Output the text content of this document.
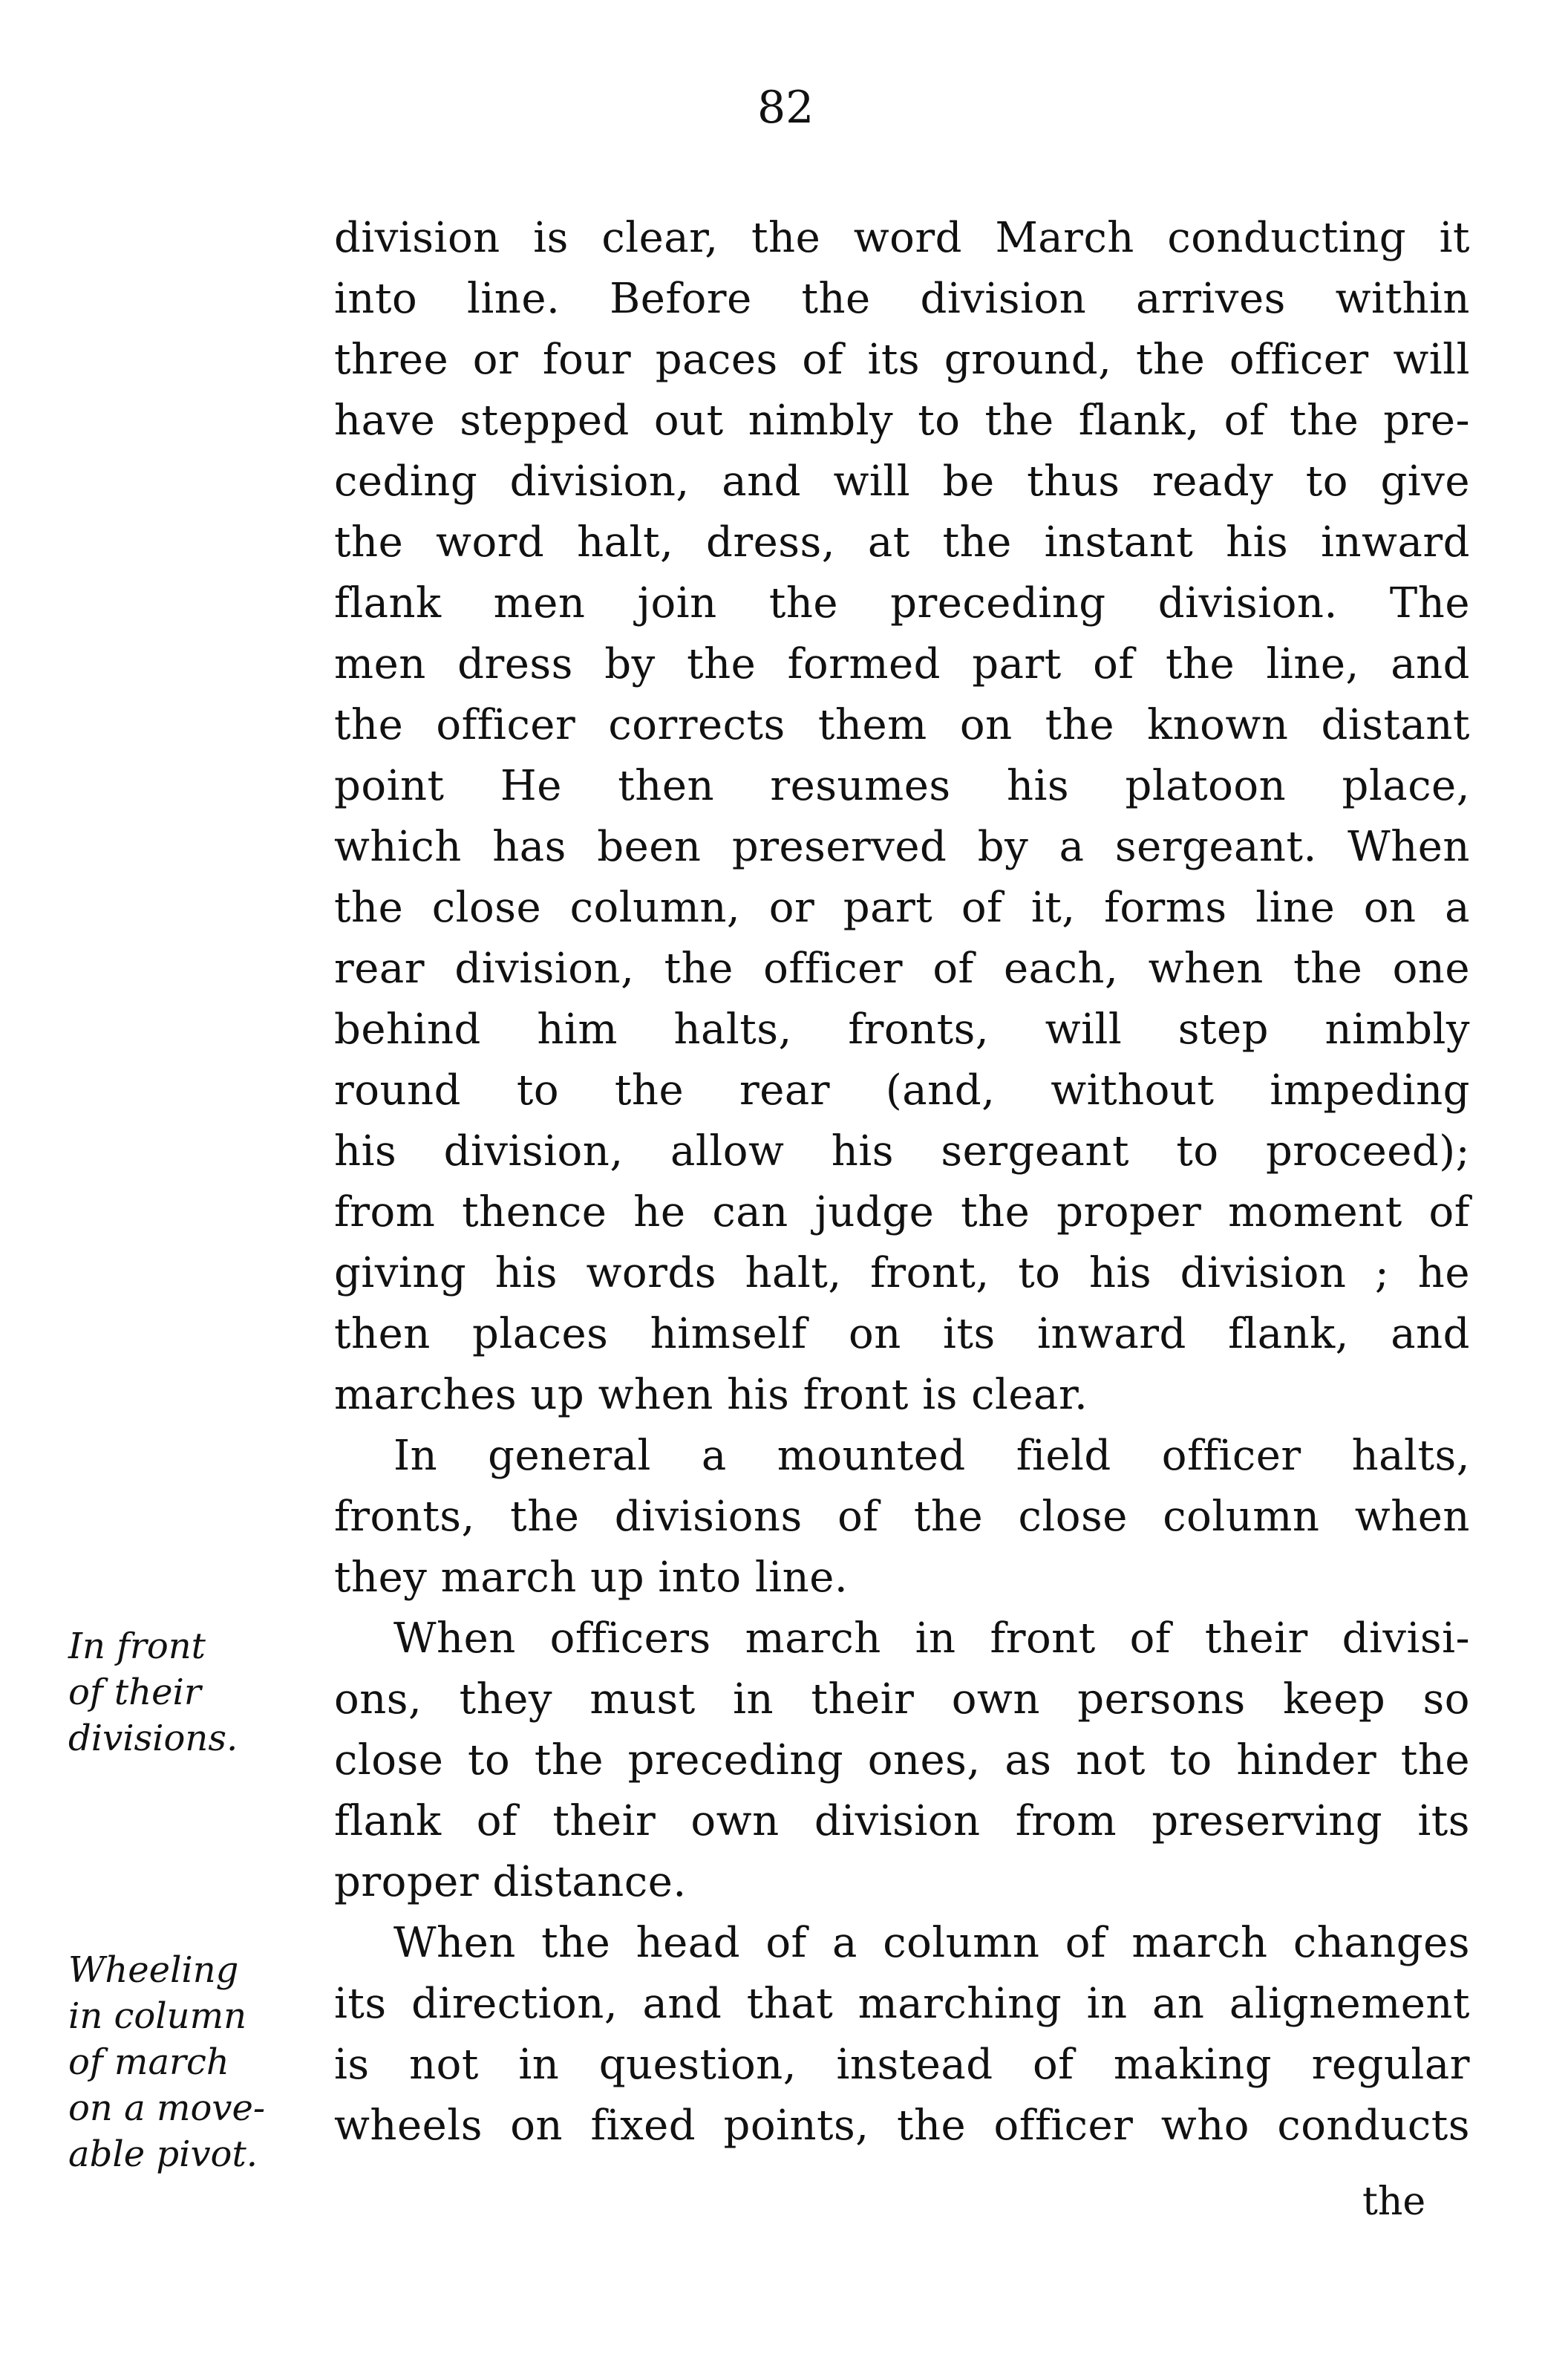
82
division is clear, the word March conducting it
into line. Before the division arrives within
three or four paces of its ground, the officer will
have stepped out nimbly to the flank, of the pre-
ceding division, and will be thus ready to give
the word halt, dress, at the instant his inward
flank men join the preceding division. The
men dress by the formed part of the line, and
the officer corrects them on the known distant
point He then resumes his platoon place,
which has been preserved by a sergeant. When
the close column, or part of it, forms line on a
rear division, the officer of each, when the one
behind him halts, fronts, will step nimbly
round to the rear (and, without impeding
his division, allow his sergeant to proceed);
from thence he can judge the proper moment of
giving his words halt, front, to his division ; he
then places himself on its inward flank, and
marches up when his front is clear.
In general a mounted field officer halts,
fronts, the divisions of the close column when
they march up into line.
When officers march in front of their divisi-
ons, they must in their own persons keep so
close to the preceding ones, as not to hinder the
flank of their own division from preserving its
proper distance.
When the head of a column of march changes
its direction, and that marching in an alignement
is not in question, instead of making regular
wheels on fixed points, the officer who conducts
In front
of their
divisions.
Wheeling
in column
of march
on a move-
able pivot.
the
